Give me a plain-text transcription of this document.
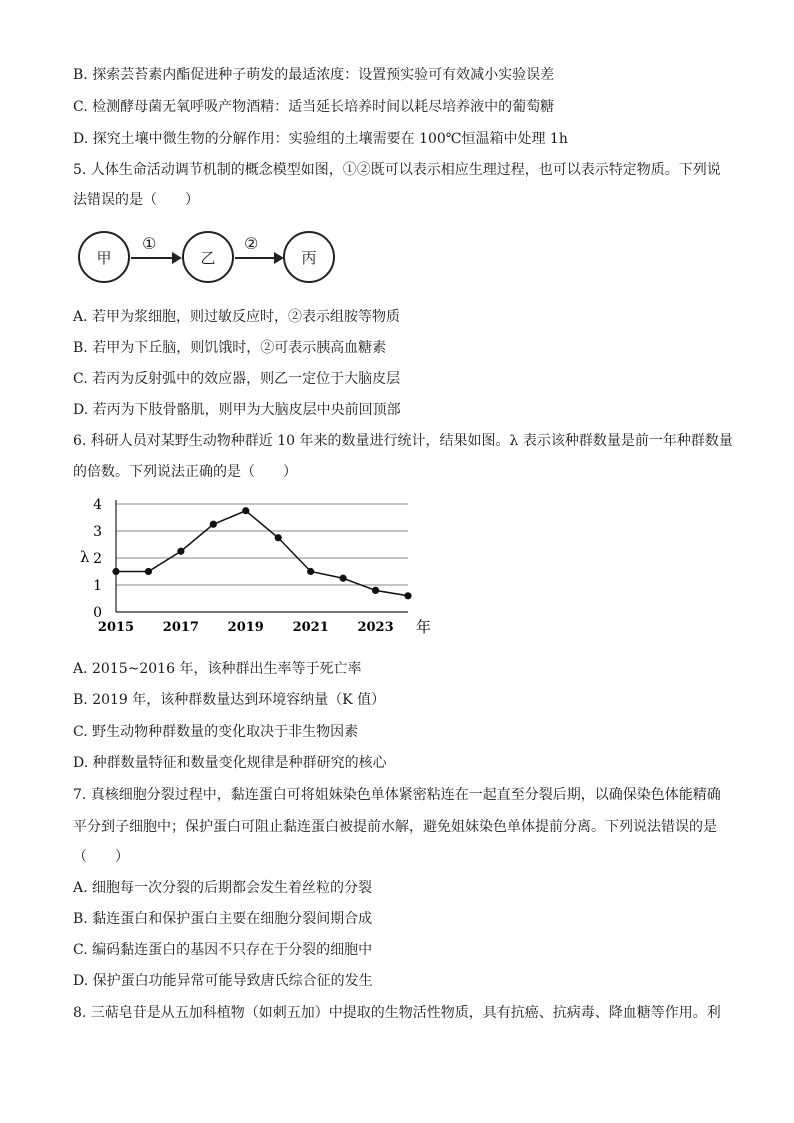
B. 探索芸苔素内酯促进种子萌发的最适浓度：设置预实验可有效减小实验误差
C. 检测酵母菌无氧呼吸产物酒精：适当延长培养时间以耗尽培养液中的葡萄糖
D. 探究土壤中微生物的分解作用：实验组的土壤需要在 100℃恒温箱中处理 1h
5. 人体生命活动调节机制的概念模型如图，①②既可以表示相应生理过程，也可以表示特定物质。下列说
法错误的是（　　）
甲
①
乙
②
丙
A. 若甲为浆细胞，则过敏反应时，②表示组胺等物质
B. 若甲为下丘脑，则饥饿时，②可表示胰高血糖素
C. 若丙为反射弧中的效应器，则乙一定位于大脑皮层
D. 若丙为下肢骨骼肌，则甲为大脑皮层中央前回顶部
6. 科研人员对某野生动物种群近 10 年来的数量进行统计，结果如图。λ 表示该种群数量是前一年种群数量
的倍数。下列说法正确的是（　　）
0
1
2
3
4
λ
2015 2017 2019 2021 2023 年
A. 2015~2016 年，该种群出生率等于死亡率
B. 2019 年，该种群数量达到环境容纳量（K 值）
C. 野生动物种群数量的变化取决于非生物因素
D. 种群数量特征和数量变化规律是种群研究的核心
7. 真核细胞分裂过程中，黏连蛋白可将姐妹染色单体紧密粘连在一起直至分裂后期，以确保染色体能精确
平分到子细胞中；保护蛋白可阻止黏连蛋白被提前水解，避免姐妹染色单体提前分离。下列说法错误的是
（　　）
A. 细胞每一次分裂的后期都会发生着丝粒的分裂
B. 黏连蛋白和保护蛋白主要在细胞分裂间期合成
C. 编码黏连蛋白的基因不只存在于分裂的细胞中
D. 保护蛋白功能异常可能导致唐氏综合征的发生
8. 三萜皂苷是从五加科植物（如刺五加）中提取的生物活性物质，具有抗癌、抗病毒、降血糖等作用。利
